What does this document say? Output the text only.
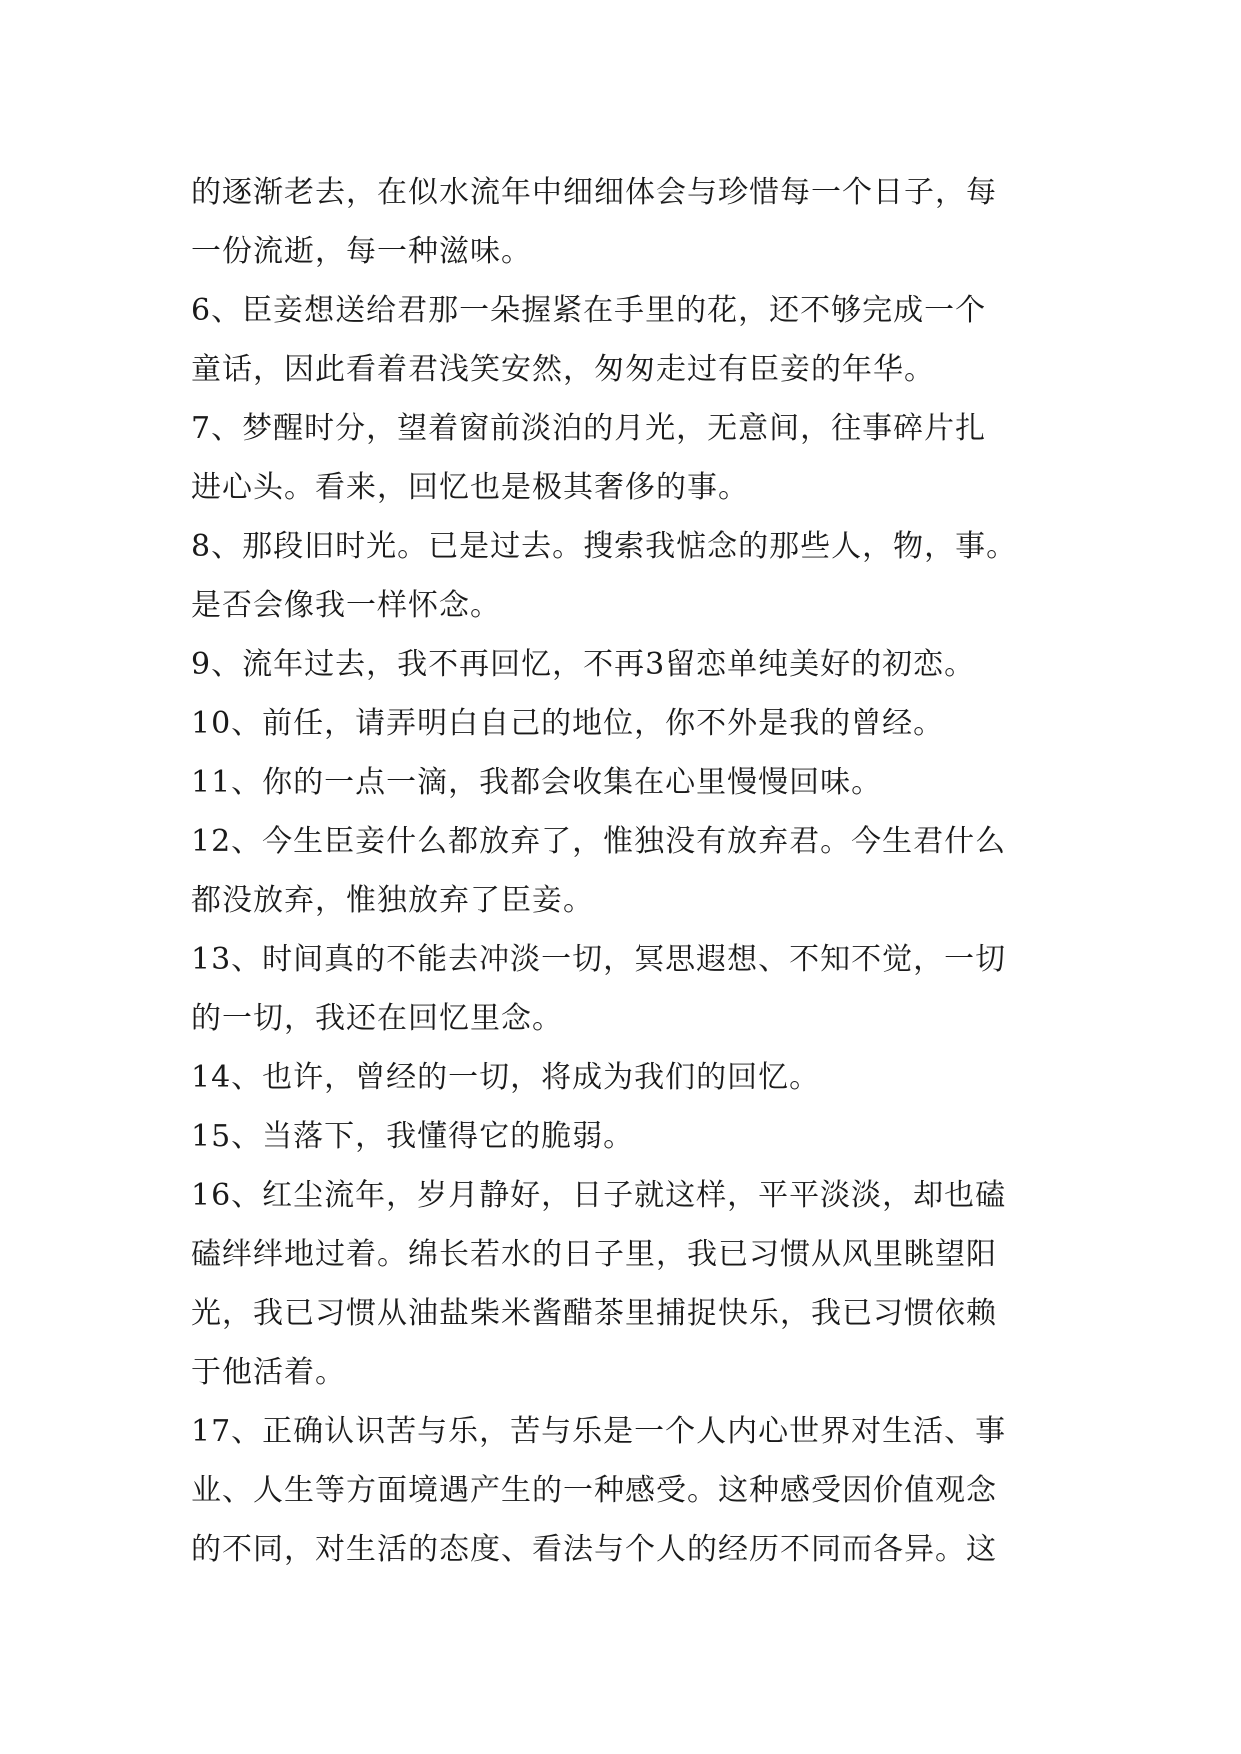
的逐渐老去，在似水流年中细细体会与珍惜每一个日子，每
一份流逝，每一种滋味。
6、臣妾想送给君那一朵握紧在手里的花，还不够完成一个
童话，因此看着君浅笑安然，匆匆走过有臣妾的年华。
7、梦醒时分，望着窗前淡泊的月光，无意间，往事碎片扎
进心头。看来，回忆也是极其奢侈的事。
8、那段旧时光。已是过去。搜索我惦念的那些人，物，事。
是否会像我一样怀念。
9、流年过去，我不再回忆，不再3留恋单纯美好的初恋。
10、前任，请弄明白自己的地位，你不外是我的曾经。
11、你的一点一滴，我都会收集在心里慢慢回味。
12、今生臣妾什么都放弃了，惟独没有放弃君。今生君什么
都没放弃，惟独放弃了臣妾。
13、时间真的不能去冲淡一切，冥思遐想、不知不觉，一切
的一切，我还在回忆里念。
14、也许，曾经的一切，将成为我们的回忆。
15、当落下，我懂得它的脆弱。
16、红尘流年，岁月静好，日子就这样，平平淡淡，却也磕
磕绊绊地过着。绵长若水的日子里，我已习惯从风里眺望阳
光，我已习惯从油盐柴米酱醋茶里捕捉快乐，我已习惯依赖
于他活着。
17、正确认识苦与乐，苦与乐是一个人内心世界对生活、事
业、人生等方面境遇产生的一种感受。这种感受因价值观念
的不同，对生活的态度、看法与个人的经历不同而各异。这
